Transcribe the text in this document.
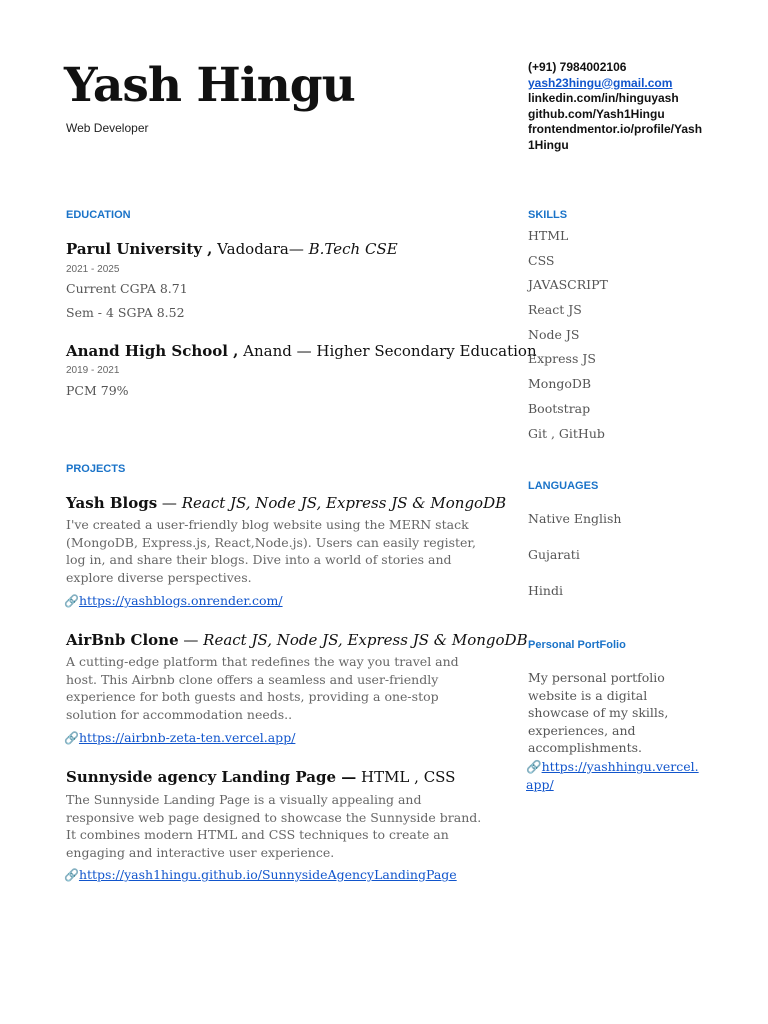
Yash Hingu
Web Developer
(+91) 7984002106
yash23hingu@gmail.com
linkedin.com/in/hinguyash
github.com/Yash1Hingu
frontendmentor.io/profile/Yash1Hingu
EDUCATION
Parul University , Vadodara— B.Tech CSE
2021 - 2025
Current CGPA 8.71
Sem - 4 SGPA 8.52
Anand High School , Anand — Higher Secondary Education
2019 - 2021
PCM 79%
PROJECTS
Yash Blogs — React JS, Node JS, Express JS & MongoDB
I've created a user-friendly blog website using the MERN stack (MongoDB, Express.js, React,Node.js). Users can easily register, log in, and share their blogs. Dive into a world of stories and explore diverse perspectives.
🔗https://yashblogs.onrender.com/
AirBnb Clone — React JS, Node JS, Express JS & MongoDB
A cutting-edge platform that redefines the way you travel and host. This Airbnb clone offers a seamless and user-friendly experience for both guests and hosts, providing a one-stop solution for accommodation needs..
🔗https://airbnb-zeta-ten.vercel.app/
Sunnyside agency Landing Page — HTML , CSS
The Sunnyside Landing Page is a visually appealing and responsive web page designed to showcase the Sunnyside brand. It combines modern HTML and CSS techniques to create an engaging and interactive user experience.
🔗https://yash1hingu.github.io/SunnysideAgencyLandingPage
SKILLS
HTML
CSS
JAVASCRIPT
React JS
Node JS
Express JS
MongoDB
Bootstrap
Git , GitHub
LANGUAGES
Native English
Gujarati
Hindi
Personal PortFolio
My personal portfolio website is a digital showcase of my skills, experiences, and accomplishments.
🔗https://yashhingu.vercel.app/
